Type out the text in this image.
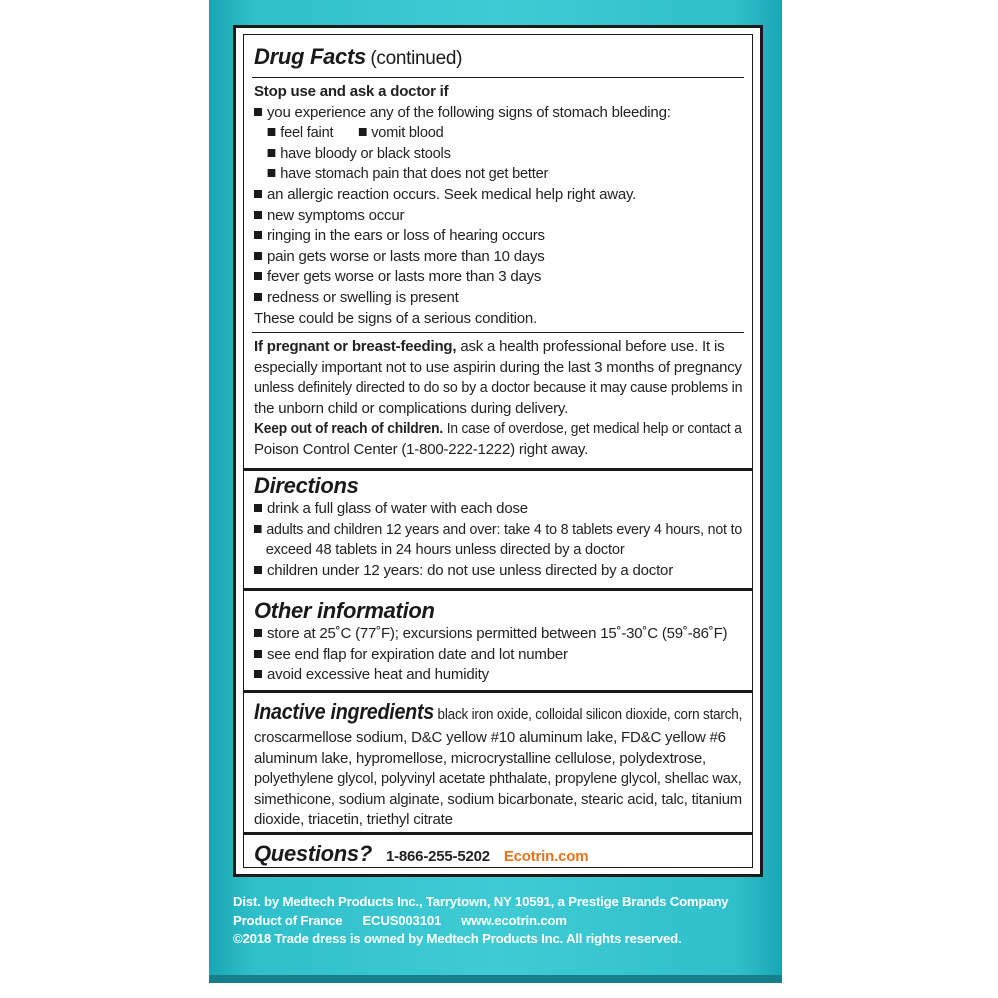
Drug Facts (continued)
Stop use and ask a doctor if
you experience any of the following signs of stomach bleeding:
feel faint	vomit blood
have bloody or black stools
have stomach pain that does not get better
an allergic reaction occurs. Seek medical help right away.
new symptoms occur
ringing in the ears or loss of hearing occurs
pain gets worse or lasts more than 10 days
fever gets worse or lasts more than 3 days
redness or swelling is present
These could be signs of a serious condition.
If pregnant or breast-feeding, ask a health professional before use. It is
especially important not to use aspirin during the last 3 months of pregnancy
unless definitely directed to do so by a doctor because it may cause problems in
the unborn child or complications during delivery.
Keep out of reach of children. In case of overdose, get medical help or contact a
Poison Control Center (1-800-222-1222) right away.
Directions
drink a full glass of water with each dose
adults and children 12 years and over: take 4 to 8 tablets every 4 hours, not to
exceed 48 tablets in 24 hours unless directed by a doctor
children under 12 years: do not use unless directed by a doctor
Other information
store at 25˚C (77˚F); excursions permitted between 15˚-30˚C (59˚-86˚F)
see end flap for expiration date and lot number
avoid excessive heat and humidity
Inactive ingredients black iron oxide, colloidal silicon dioxide, corn starch,
croscarmellose sodium, D&C yellow #10 aluminum lake, FD&C yellow #6
aluminum lake, hypromellose, microcrystalline cellulose, polydextrose,
polyethylene glycol, polyvinyl acetate phthalate, propylene glycol, shellac wax,
simethicone, sodium alginate, sodium bicarbonate, stearic acid, talc, titanium
dioxide, triacetin, triethyl citrate
Questions? 1-866-255-5202 Ecotrin.com
Dist. by Medtech Products Inc., Tarrytown, NY 10591, a Prestige Brands Company
Product of France ECUS003101 www.ecotrin.com
©2018 Trade dress is owned by Medtech Products Inc. All rights reserved.
